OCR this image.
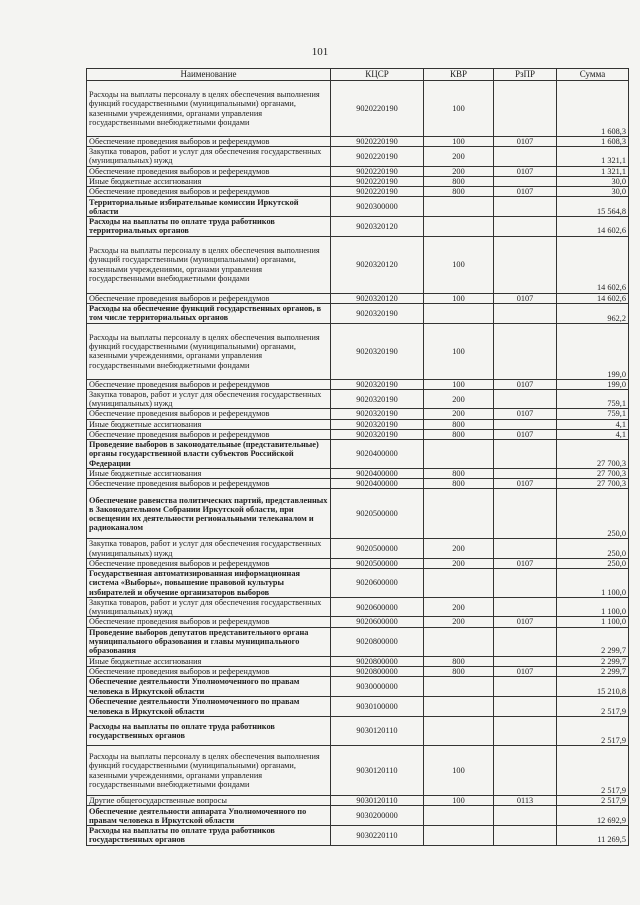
101
Наименование	КЦСР	КВР	РзПР	Сумма
Расходы на выплаты персоналу в целях обеспечения выполнения функций государственными (муниципальными) органами, казенными учреждениями, органами управления государственными внебюджетными фондами	9020220190	100		1 608,3
Обеспечение проведения выборов и референдумов	9020220190	100	0107	1 608,3
Закупка товаров, работ и услуг для обеспечения государственных (муниципальных) нужд	9020220190	200		1 321,1
Обеспечение проведения выборов и референдумов	9020220190	200	0107	1 321,1
Иные бюджетные ассигнования	9020220190	800		30,0
Обеспечение проведения выборов и референдумов	9020220190	800	0107	30,0
Территориальные избирательные комиссии Иркутской области	9020300000			15 564,8
Расходы на выплаты по оплате труда работников территориальных органов	9020320120			14 602,6
Расходы на выплаты персоналу в целях обеспечения выполнения функций государственными (муниципальными) органами, казенными учреждениями, органами управления государственными внебюджетными фондами	9020320120	100		14 602,6
Обеспечение проведения выборов и референдумов	9020320120	100	0107	14 602,6
Расходы на обеспечение функций государственных органов, в том числе территориальных органов	9020320190			962,2
Расходы на выплаты персоналу в целях обеспечения выполнения функций государственными (муниципальными) органами, казенными учреждениями, органами управления государственными внебюджетными фондами	9020320190	100		199,0
Обеспечение проведения выборов и референдумов	9020320190	100	0107	199,0
Закупка товаров, работ и услуг для обеспечения государственных (муниципальных) нужд	9020320190	200		759,1
Обеспечение проведения выборов и референдумов	9020320190	200	0107	759,1
Иные бюджетные ассигнования	9020320190	800		4,1
Обеспечение проведения выборов и референдумов	9020320190	800	0107	4,1
Проведение выборов в законодательные (представительные) органы государственной власти субъектов Российской Федерации	9020400000			27 700,3
Иные бюджетные ассигнования	9020400000	800		27 700,3
Обеспечение проведения выборов и референдумов	9020400000	800	0107	27 700,3
Обеспечение равенства политических партий, представленных в Законодательном Собрании Иркутской области, при освещении их деятельности региональными телеканалом и радиоканалом	9020500000			250,0
Закупка товаров, работ и услуг для обеспечения государственных (муниципальных) нужд	9020500000	200		250,0
Обеспечение проведения выборов и референдумов	9020500000	200	0107	250,0
Государственная автоматизированная информационная система «Выборы», повышение правовой культуры избирателей и обучение организаторов выборов	9020600000			1 100,0
Закупка товаров, работ и услуг для обеспечения государственных (муниципальных) нужд	9020600000	200		1 100,0
Обеспечение проведения выборов и референдумов	9020600000	200	0107	1 100,0
Проведение выборов депутатов представительного органа муниципального образования и главы муниципального образования	9020800000			2 299,7
Иные бюджетные ассигнования	9020800000	800		2 299,7
Обеспечение проведения выборов и референдумов	9020800000	800	0107	2 299,7
Обеспечение деятельности Уполномоченного по правам человека в Иркутской области	9030000000			15 210,8
Обеспечение деятельности Уполномоченного по правам человека в Иркутской области	9030100000			2 517,9
Расходы на выплаты по оплате труда работников государственных органов	9030120110			2 517,9
Расходы на выплаты персоналу в целях обеспечения выполнения функций государственными (муниципальными) органами, казенными учреждениями, органами управления государственными внебюджетными фондами	9030120110	100		2 517,9
Другие общегосударственные вопросы	9030120110	100	0113	2 517,9
Обеспечение деятельности аппарата Уполномоченного по правам человека в Иркутской области	9030200000			12 692,9
Расходы на выплаты по оплате труда работников государственных органов	9030220110			11 269,5
